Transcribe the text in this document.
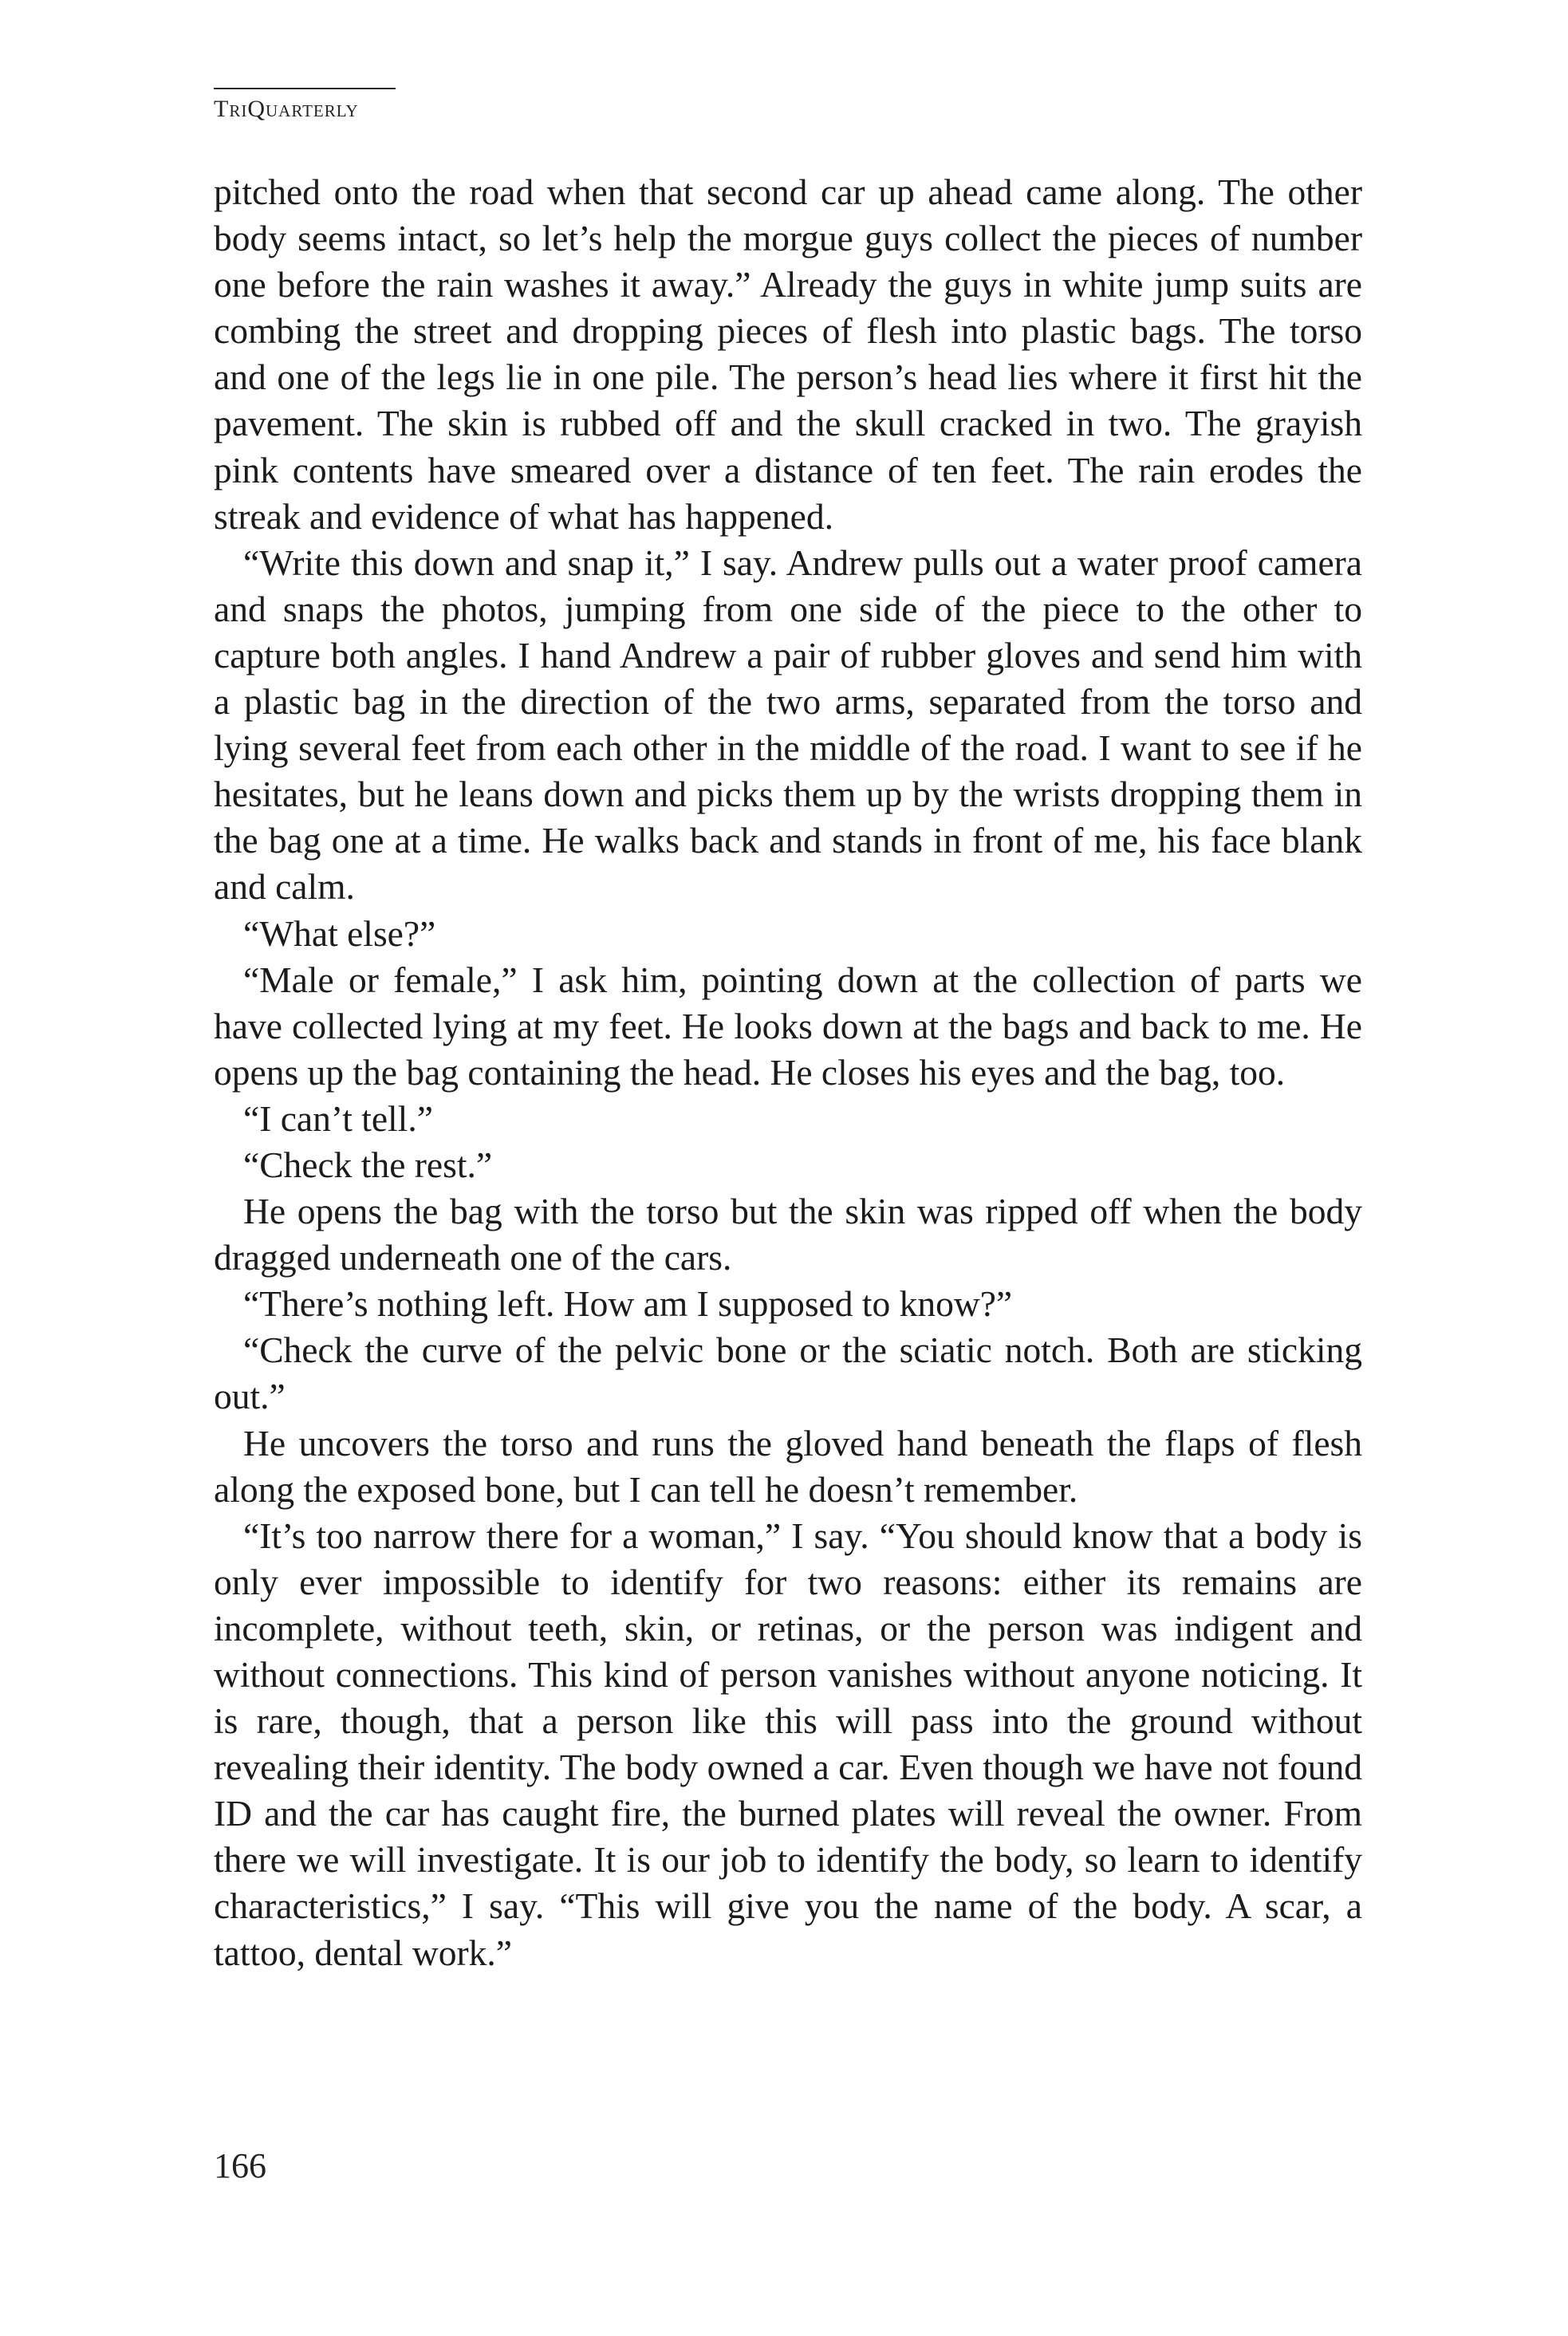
TriQuarterly

pitched onto the road when that second car up ahead came along. The other body seems intact, so let’s help the morgue guys collect the pieces of number one before the rain washes it away.” Already the guys in white jump suits are combing the street and dropping pieces of flesh into plastic bags. The torso and one of the legs lie in one pile. The person’s head lies where it first hit the pavement. The skin is rubbed off and the skull cracked in two. The grayish pink contents have smeared over a distance of ten feet. The rain erodes the streak and evidence of what has happened.

“Write this down and snap it,” I say. Andrew pulls out a water proof camera and snaps the photos, jumping from one side of the piece to the other to capture both angles. I hand Andrew a pair of rubber gloves and send him with a plastic bag in the direction of the two arms, separated from the torso and lying several feet from each other in the middle of the road. I want to see if he hesitates, but he leans down and picks them up by the wrists dropping them in the bag one at a time. He walks back and stands in front of me, his face blank and calm.

“What else?”

“Male or female,” I ask him, pointing down at the collection of parts we have collected lying at my feet. He looks down at the bags and back to me. He opens up the bag containing the head. He closes his eyes and the bag, too.

“I can’t tell.”

“Check the rest.”

He opens the bag with the torso but the skin was ripped off when the body dragged underneath one of the cars.

“There’s nothing left. How am I supposed to know?”

“Check the curve of the pelvic bone or the sciatic notch. Both are sticking out.”

He uncovers the torso and runs the gloved hand beneath the flaps of flesh along the exposed bone, but I can tell he doesn’t remember.

“It’s too narrow there for a woman,” I say. “You should know that a body is only ever impossible to identify for two reasons: either its remains are incomplete, without teeth, skin, or retinas, or the person was indigent and without connections. This kind of person vanishes without anyone noticing. It is rare, though, that a person like this will pass into the ground without revealing their identity. The body owned a car. Even though we have not found ID and the car has caught fire, the burned plates will reveal the owner. From there we will investigate. It is our job to identify the body, so learn to identify characteristics,” I say. “This will give you the name of the body. A scar, a tattoo, dental work.”

166
